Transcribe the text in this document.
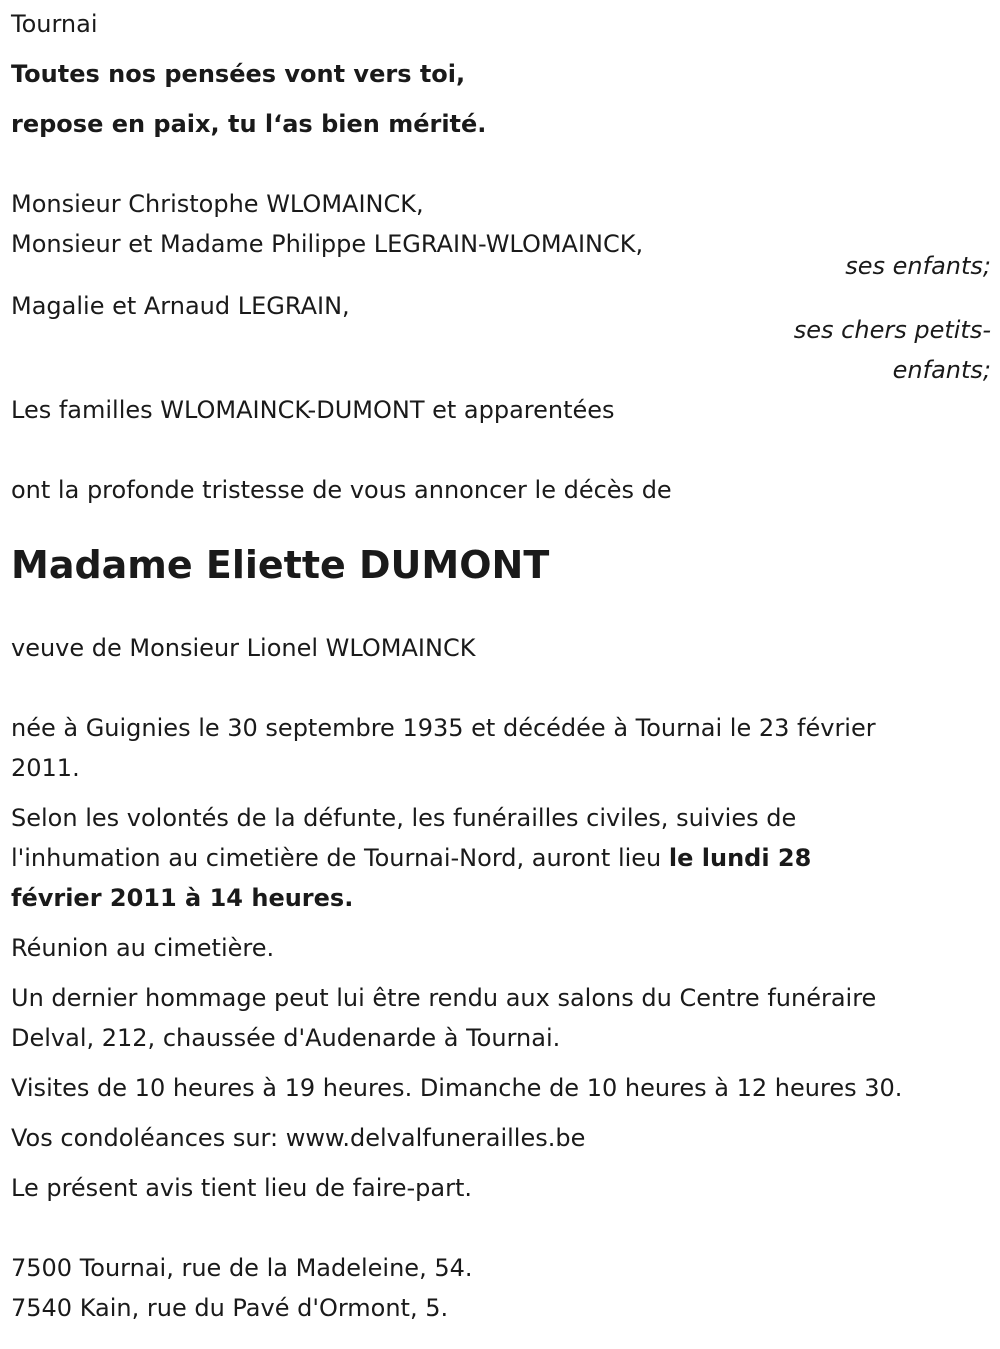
Tournai

Toutes nos pensées vont vers toi,

repose en paix, tu l‘as bien mérité.

Monsieur Christophe WLOMAINCK,

Monsieur et Madame Philippe LEGRAIN-WLOMAINCK,

ses enfants;

Magalie et Arnaud LEGRAIN,

ses chers petits-

enfants;

Les familles WLOMAINCK-DUMONT et apparentées

ont la profonde tristesse de vous annoncer le décès de

Madame Eliette DUMONT

veuve de Monsieur Lionel WLOMAINCK

née à Guignies le 30 septembre 1935 et décédée à Tournai le 23 février

2011.

Selon les volontés de la défunte, les funérailles civiles, suivies de

l'inhumation au cimetière de Tournai-Nord, auront lieu le lundi 28

février 2011 à 14 heures.

Réunion au cimetière.

Un dernier hommage peut lui être rendu aux salons du Centre funéraire

Delval, 212, chaussée d'Audenarde à Tournai.

Visites de 10 heures à 19 heures. Dimanche de 10 heures à 12 heures 30.

Vos condoléances sur: www.delvalfunerailles.be

Le présent avis tient lieu de faire-part.

7500 Tournai, rue de la Madeleine, 54.

7540 Kain, rue du Pavé d'Ormont, 5.
